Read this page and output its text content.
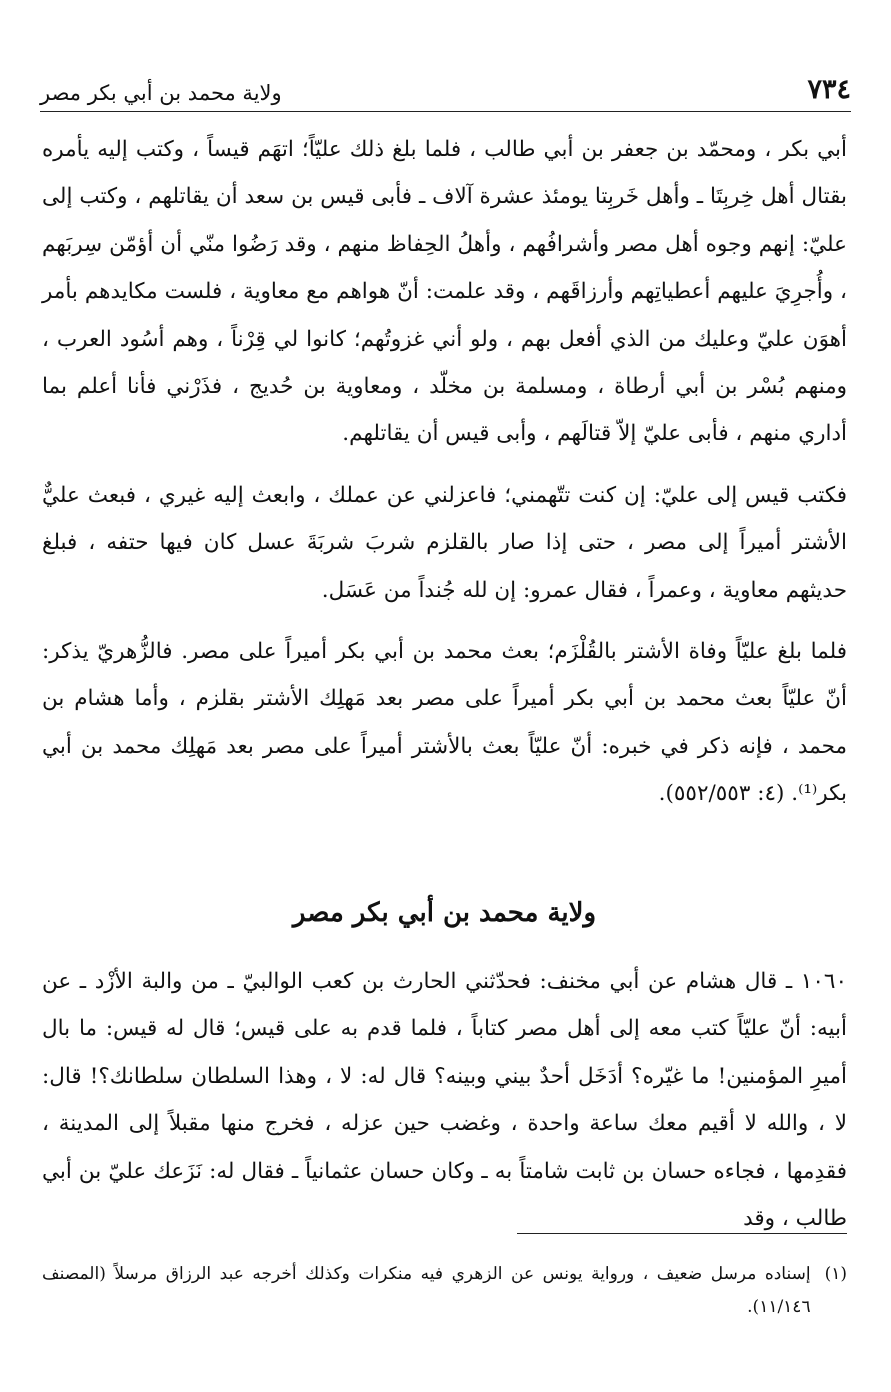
٧٣٤
ولاية محمد بن أبي بكر مصر

أبي بكر ، ومحمّد بن جعفر بن أبي طالب ، فلما بلغ ذلك عليّاً؛ اتهَم قيساً ، وكتب إليه يأمره بقتال أهل خِربِتَا ـ وأهل خَربِتا يومئذ عشرة آلاف ـ فأبى قيس بن سعد أن يقاتلهم ، وكتب إلى عليّ: إنهم وجوه أهل مصر وأشرافُهم ، وأهلُ الحِفاظ منهم ، وقد رَضُوا منّي أن أؤمّن سِربَهم ، وأُجرِيَ عليهم أعطياتِهم وأرزاقَهم ، وقد علمت: أنّ هواهم مع معاوية ، فلست مكايدهم بأمر أهوَن عليّ وعليك من الذي أفعل بهم ، ولو أني غزوتُهم؛ كانوا لي قِرْناً ، وهم أسُود العرب ، ومنهم بُسْر بن أبي أرطاة ، ومسلمة بن مخلّد ، ومعاوية بن حُديج ، فذَرْني فأنا أعلم بما أداري منهم ، فأبى عليّ إلاّ قتالَهم ، وأبى قيس أن يقاتلهم.

فكتب قيس إلى عليّ: إن كنت تتّهمني؛ فاعزلني عن عملك ، وابعث إليه غيري ، فبعث عليٌّ الأشتر أميراً إلى مصر ، حتى إذا صار بالقلزم شربَ شربَةَ عسل كان فيها حتفه ، فبلغ حديثهم معاوية ، وعمراً ، فقال عمرو: إن لله جُنداً من عَسَل.

فلما بلغ عليّاً وفاة الأشتر بالقُلْزَم؛ بعث محمد بن أبي بكر أميراً على مصر. فالزُّهريّ يذكر: أنّ عليّاً بعث محمد بن أبي بكر أميراً على مصر بعد مَهلِك الأشتر بقلزم ، وأما هشام بن محمد ، فإنه ذكر في خبره: أنّ عليّاً بعث بالأشتر أميراً على مصر بعد مَهلِك محمد بن أبي بكر⁽¹⁾. (٤: ٥٥٢/٥٥٣).

ولاية محمد بن أبي بكر مصر

١٠٦٠ ـ قال هشام عن أبي مخنف: فحدّثني الحارث بن كعب الوالبيّ ـ من والبة الأزْد ـ عن أبيه: أنّ عليّاً كتب معه إلى أهل مصر كتاباً ، فلما قدم به على قيس؛ قال له قيس: ما بال أميرِ المؤمنين! ما غيّره؟ أدَخَل أحدٌ بيني وبينه؟ قال له: لا ، وهذا السلطان سلطانك؟! قال: لا ، والله لا أقيم معك ساعة واحدة ، وغضب حين عزله ، فخرج منها مقبلاً إلى المدينة ، فقدِمها ، فجاءه حسان بن ثابت شامتاً به ـ وكان حسان عثمانياً ـ فقال له: نَزَعك عليّ بن أبي طالب ، وقد

(١)
إسناده مرسل ضعيف ، ورواية يونس عن الزهري فيه منكرات وكذلك أخرجه عبد الرزاق مرسلاً (المصنف ١١/١٤٦).
